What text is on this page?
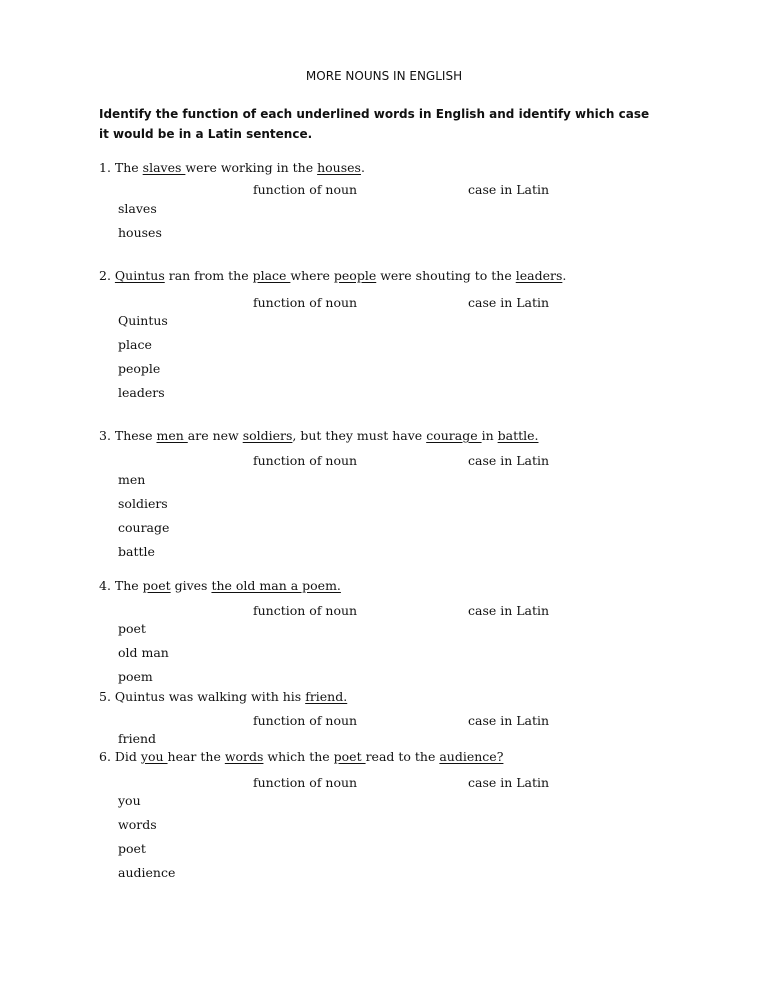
MORE NOUNS IN ENGLISH
Identify the function of each underlined words in English and identify which case it would be in a Latin sentence.
1. The slaves were working in the houses.
function of noun	case in Latin
slaves
houses
2. Quintus ran from the place where people were shouting to the leaders.
function of noun	case in Latin
Quintus
place
people
leaders
3. These men are new soldiers, but they must have courage in battle.
function of noun	case in Latin
men
soldiers
courage
battle
4. The poet gives the old man a poem.
function of noun	case in Latin
poet
old man
poem
5. Quintus was walking with his friend.
function of noun	case in Latin
friend
6. Did you hear the words which the poet read to the audience?
function of noun	case in Latin
you
words
poet
audience
